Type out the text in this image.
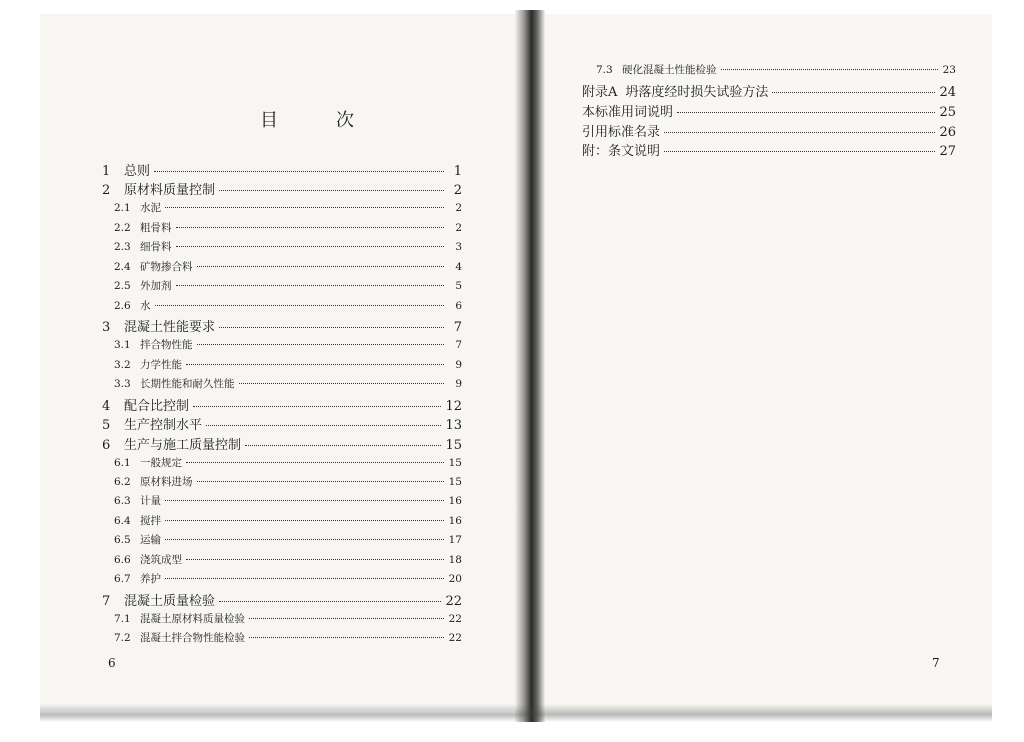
目　次
1	总则	1
2	原材料质量控制	2
2.1 水泥	2
2.2 粗骨料	2
2.3 细骨料	3
2.4 矿物掺合料	4
2.5 外加剂	5
2.6 水	6
3	混凝土性能要求	7
3.1 拌合物性能	7
3.2 力学性能	9
3.3 长期性能和耐久性能	9
4	配合比控制	12
5	生产控制水平	13
6	生产与施工质量控制	15
6.1 一般规定	15
6.2 原材料进场	15
6.3 计量	16
6.4 搅拌	16
6.5 运输	17
6.6 浇筑成型	18
6.7 养护	20
7	混凝土质量检验	22
7.1 混凝土原材料质量检验	22
7.2 混凝土拌合物性能检验	22
6
7.3 硬化混凝土性能检验	23
附录A 坍落度经时损失试验方法	24
本标准用词说明	25
引用标准名录	26
附：条文说明	27
7
